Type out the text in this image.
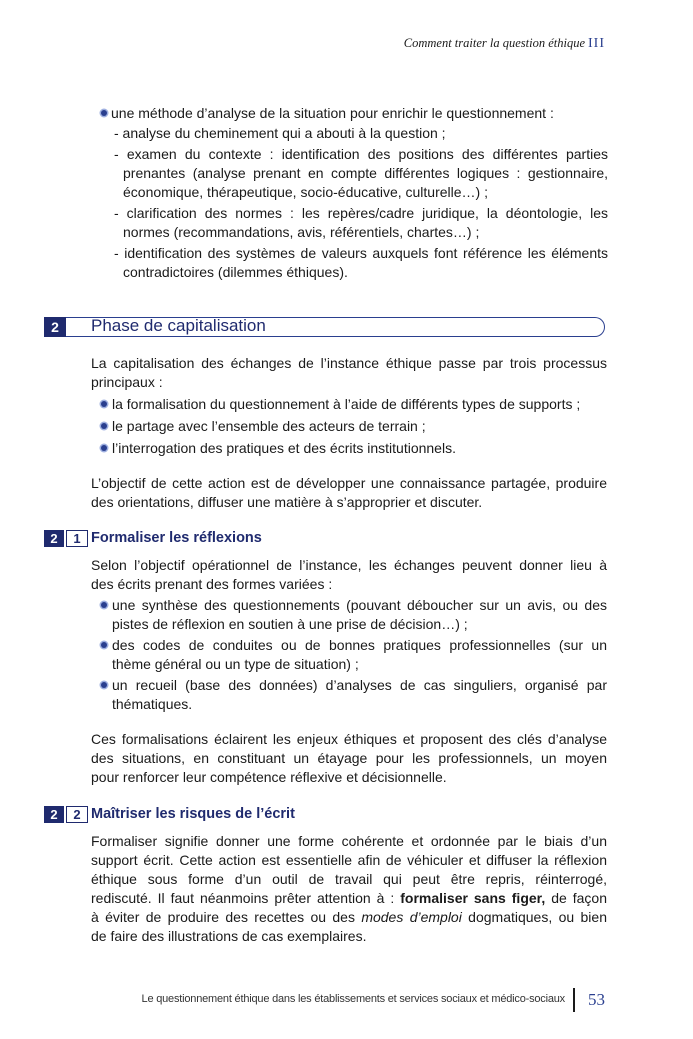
Comment traiter la question éthique III
une méthode d’analyse de la situation pour enrichir le questionnement :
- analyse du cheminement qui a abouti à la question ;
- examen du contexte : identification des positions des différentes parties
prenantes (analyse prenant en compte différentes logiques : gestionnaire,
économique, thérapeutique, socio-éducative, culturelle…) ;
- clarification des normes : les repères/cadre juridique, la déontologie, les
normes (recommandations, avis, référentiels, chartes…) ;
- identification des systèmes de valeurs auxquels font référence les éléments
contradictoires (dilemmes éthiques).
2	Phase de capitalisation
La capitalisation des échanges de l’instance éthique passe par trois processus
principaux :
la formalisation du questionnement à l’aide de différents types de supports ;
le partage avec l’ensemble des acteurs de terrain ;
l’interrogation des pratiques et des écrits institutionnels.
L’objectif de cette action est de développer une connaissance partagée, produire
des orientations, diffuser une matière à s’approprier et discuter.
2	1 Formaliser les réflexions
Selon l’objectif opérationnel de l’instance, les échanges peuvent donner lieu à
des écrits prenant des formes variées :
une synthèse des questionnements (pouvant déboucher sur un avis, ou des
pistes de réflexion en soutien à une prise de décision…) ;
des codes de conduites ou de bonnes pratiques professionnelles (sur un
thème général ou un type de situation) ;
un recueil (base des données) d’analyses de cas singuliers, organisé par
thématiques.
Ces formalisations éclairent les enjeux éthiques et proposent des clés d’analyse
des situations, en constituant un étayage pour les professionnels, un moyen
pour renforcer leur compétence réflexive et décisionnelle.
2	2 Maîtriser les risques de l’écrit
Formaliser signifie donner une forme cohérente et ordonnée par le biais d’un
support écrit. Cette action est essentielle afin de véhiculer et diffuser la réflexion
éthique sous forme d’un outil de travail qui peut être repris, réinterrogé,
rediscuté. Il faut néanmoins prêter attention à : formaliser sans figer, de façon
à éviter de produire des recettes ou des modes d’emploi dogmatiques, ou bien
de faire des illustrations de cas exemplaires.
Le questionnement éthique dans les établissements et services sociaux et médico-sociaux 53
